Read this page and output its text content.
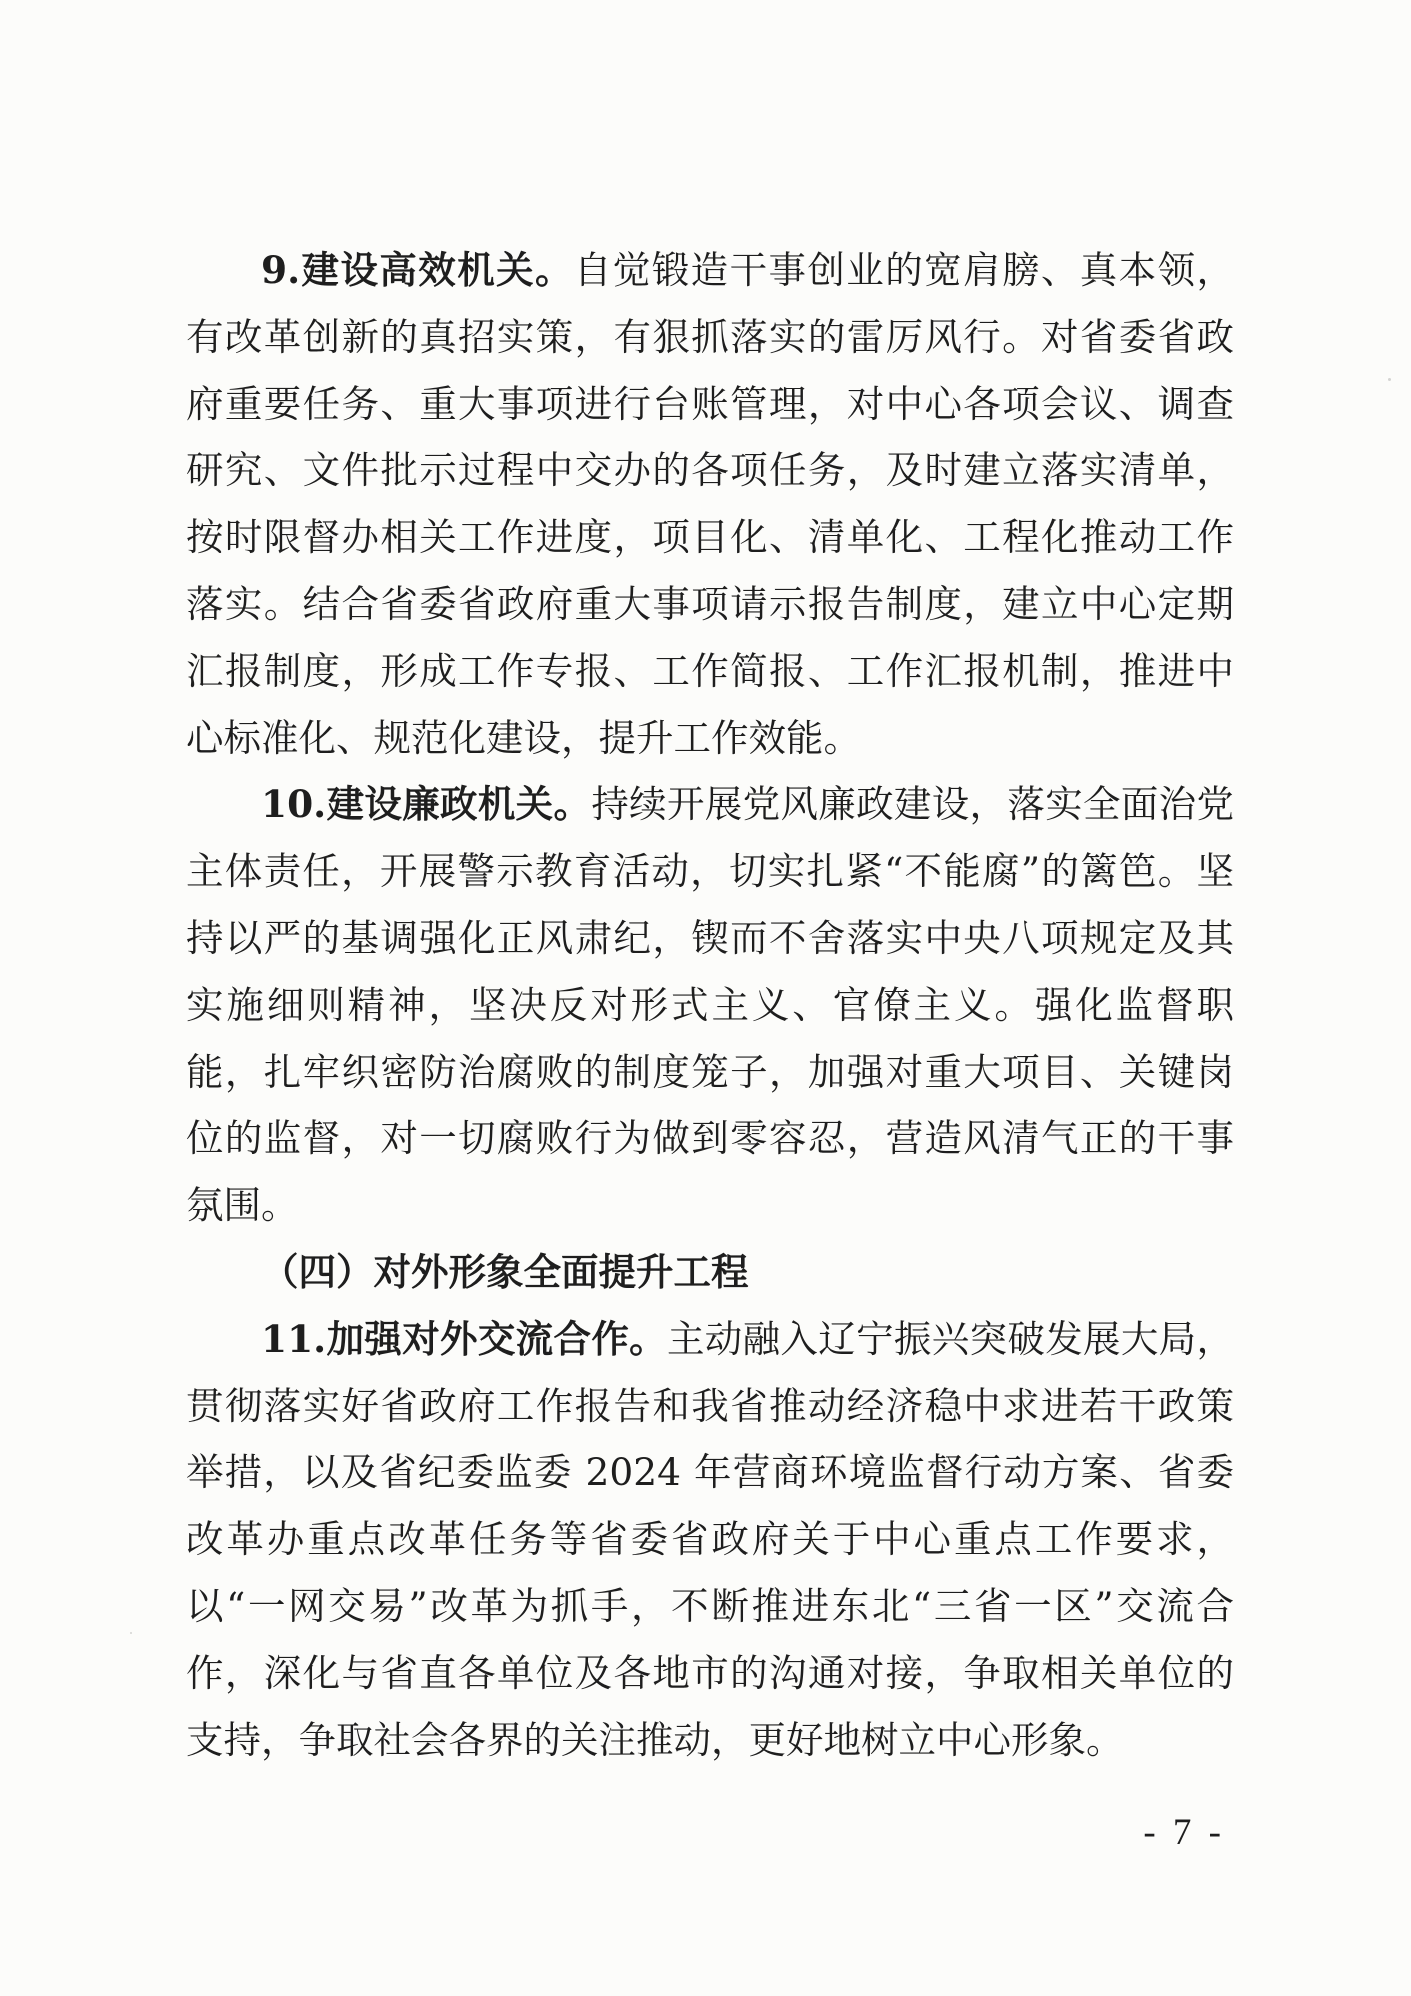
9.建设高效机关。自觉锻造干事创业的宽肩膀、真本领，有改革创新的真招实策，有狠抓落实的雷厉风行。对省委省政府重要任务、重大事项进行台账管理，对中心各项会议、调查研究、文件批示过程中交办的各项任务，及时建立落实清单，按时限督办相关工作进度，项目化、清单化、工程化推动工作落实。结合省委省政府重大事项请示报告制度，建立中心定期汇报制度，形成工作专报、工作简报、工作汇报机制，推进中心标准化、规范化建设，提升工作效能。

10.建设廉政机关。持续开展党风廉政建设，落实全面治党主体责任，开展警示教育活动，切实扎紧“不能腐”的篱笆。坚持以严的基调强化正风肃纪，锲而不舍落实中央八项规定及其实施细则精神，坚决反对形式主义、官僚主义。强化监督职能，扎牢织密防治腐败的制度笼子，加强对重大项目、关键岗位的监督，对一切腐败行为做到零容忍，营造风清气正的干事氛围。

（四）对外形象全面提升工程

11.加强对外交流合作。主动融入辽宁振兴突破发展大局，贯彻落实好省政府工作报告和我省推动经济稳中求进若干政策举措，以及省纪委监委 2024 年营商环境监督行动方案、省委改革办重点改革任务等省委省政府关于中心重点工作要求，以“一网交易”改革为抓手，不断推进东北“三省一区”交流合作，深化与省直各单位及各地市的沟通对接，争取相关单位的支持，争取社会各界的关注推动，更好地树立中心形象。

- 7 -
